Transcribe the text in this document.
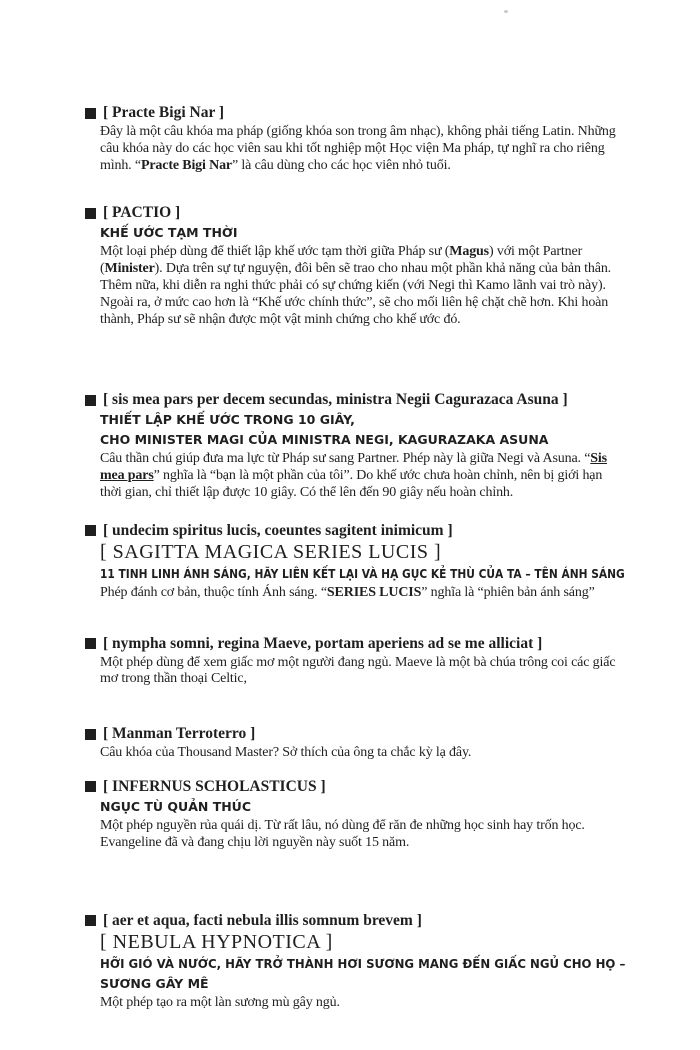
[ Practe Bigi Nar ]

Đây là một câu khóa ma pháp (giống khóa son trong âm nhạc), không phải tiếng Latin. Những câu khóa này do các học viên sau khi tốt nghiệp một Học viện Ma pháp, tự nghĩ ra cho riêng mình. “Practe Bigi Nar” là câu dùng cho các học viên nhỏ tuổi.

[ PACTIO ]
KHẾ ƯỚC TẠM THỜI

Một loại phép dùng để thiết lập khế ước tạm thời giữa Pháp sư (Magus) với một Partner (Minister). Dựa trên sự tự nguyện, đôi bên sẽ trao cho nhau một phần khả năng của bản thân. Thêm nữa, khi diễn ra nghi thức phải có sự chứng kiến (với Negi thì Kamo lãnh vai trò này). Ngoài ra, ở mức cao hơn là “Khế ước chính thức”, sẽ cho mối liên hệ chặt chẽ hơn. Khi hoàn thành, Pháp sư sẽ nhận được một vật minh chứng cho khế ước đó.

[ sis mea pars per decem secundas, ministra Negii Cagurazaca Asuna ]
THIẾT LẬP KHẾ ƯỚC TRONG 10 GIÂY,
CHO MINISTER MAGI CỦA MINISTRA NEGI, KAGURAZAKA ASUNA

Câu thần chú giúp đưa ma lực từ Pháp sư sang Partner. Phép này là giữa Negi và Asuna. “Sis mea pars” nghĩa là “bạn là một phần của tôi”. Do khế ước chưa hoàn chỉnh, nên bị giới hạn thời gian, chỉ thiết lập được 10 giây. Có thể lên đến 90 giây nếu hoàn chỉnh.

[ undecim spiritus lucis, coeuntes sagitent inimicum ]
[ SAGITTA MAGICA SERIES LUCIS ]
11 TINH LINH ÁNH SÁNG, HÃY LIÊN KẾT LẠI VÀ HẠ GỤC KẺ THÙ CỦA TA – TÊN ÁNH SÁNG

Phép đánh cơ bản, thuộc tính Ánh sáng. “SERIES LUCIS” nghĩa là “phiên bản ánh sáng”

[ nympha somni, regina Maeve, portam aperiens ad se me alliciat ]

Một phép dùng để xem giấc mơ một người đang ngủ. Maeve là một bà chúa trông coi các giấc mơ trong thần thoại Celtic,

[ Manman Terroterro ]

Câu khóa của Thousand Master? Sở thích của ông ta chắc kỳ lạ đây.

[ INFERNUS SCHOLASTICUS ]
NGỤC TÙ QUẢN THÚC

Một phép nguyền rủa quái dị. Từ rất lâu, nó dùng để răn đe những học sinh hay trốn học. Evangeline đã và đang chịu lời nguyền này suốt 15 năm.

[ aer et aqua, facti nebula illis somnum brevem ]
[ NEBULA HYPNOTICA ]
HỠI GIÓ VÀ NƯỚC, HÃY TRỞ THÀNH HƠI SƯƠNG MANG ĐẾN GIẤC NGỦ CHO HỌ –
SƯƠNG GÂY MÊ

Một phép tạo ra một làn sương mù gây ngủ.
